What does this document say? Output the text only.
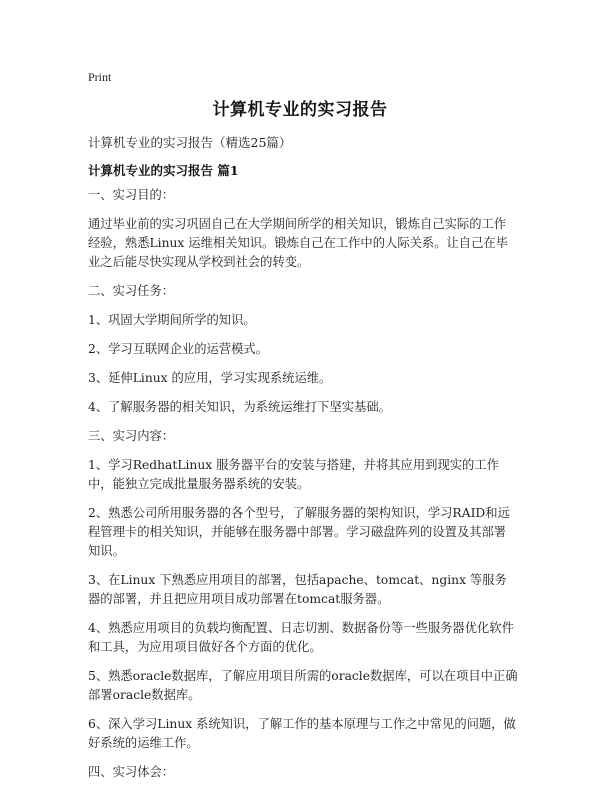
Print
计算机专业的实习报告
计算机专业的实习报告（精选25篇）
计算机专业的实习报告 篇1

一、实习目的：

通过毕业前的实习巩固自己在大学期间所学的相关知识，锻炼自己实际的工作经验，熟悉Linux 运维相关知识。锻炼自己在工作中的人际关系。让自己在毕业之后能尽快实现从学校到社会的转变。

二、实习任务：

1、巩固大学期间所学的知识。

2、学习互联网企业的运营模式。

3、延伸Linux 的应用，学习实现系统运维。

4、了解服务器的相关知识，为系统运维打下坚实基础。

三、实习内容：

1、学习RedhatLinux 服务器平台的安装与搭建，并将其应用到现实的工作中，能独立完成批量服务器系统的安装。

2、熟悉公司所用服务器的各个型号，了解服务器的架构知识，学习RAID和远程管理卡的相关知识，并能够在服务器中部署。学习磁盘阵列的设置及其部署知识。

3、在Linux 下熟悉应用项目的部署，包括apache、tomcat、nginx 等服务器的部署，并且把应用项目成功部署在tomcat服务器。

4、熟悉应用项目的负载均衡配置、日志切割、数据备份等一些服务器优化软件和工具，为应用项目做好各个方面的优化。

5、熟悉oracle数据库，了解应用项目所需的oracle数据库，可以在项目中正确部署oracle数据库。

6、深入学习Linux 系统知识，了解工作的基本原理与工作之中常见的问题，做好系统的运维工作。

四、实习体会：
